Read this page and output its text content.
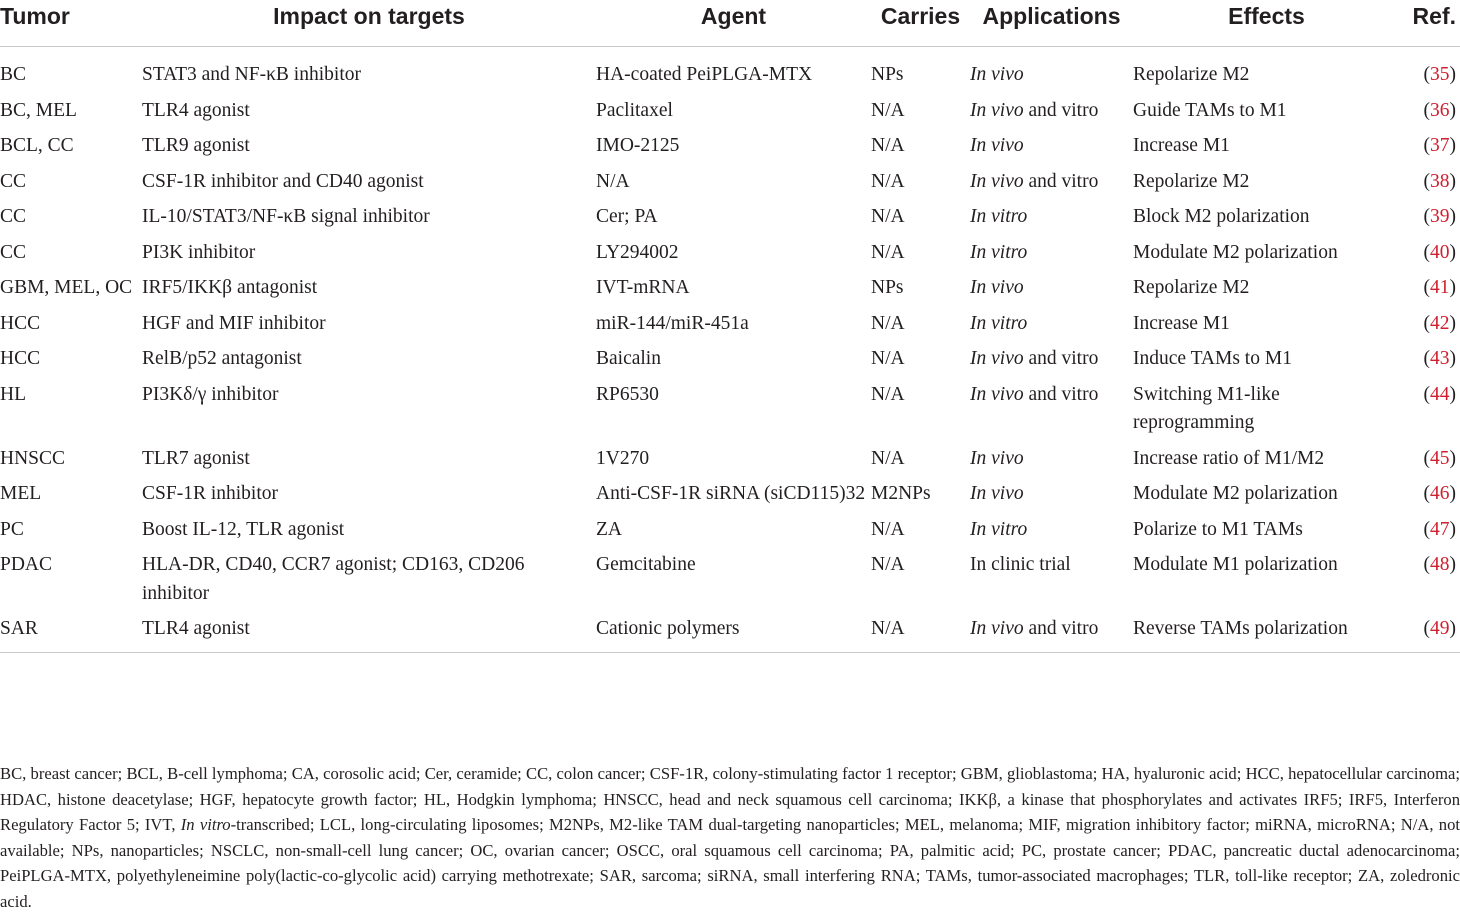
Tumor	Impact on targets	Agent	Carries	Applications	Effects	Ref.
BC	STAT3 and NF-κB inhibitor	HA-coated PeiPLGA-MTX	NPs	In vivo	Repolarize M2	(35)
BC, MEL	TLR4 agonist	Paclitaxel	N/A	In vivo and vitro	Guide TAMs to M1	(36)
BCL, CC	TLR9 agonist	IMO-2125	N/A	In vivo	Increase M1	(37)
CC	CSF-1R inhibitor and CD40 agonist	N/A	N/A	In vivo and vitro	Repolarize M2	(38)
CC	IL-10/STAT3/NF-κB signal inhibitor	Cer; PA	N/A	In vitro	Block M2 polarization	(39)
CC	PI3K inhibitor	LY294002	N/A	In vitro	Modulate M2 polarization	(40)
GBM, MEL, OC	IRF5/IKKβ antagonist	IVT-mRNA	NPs	In vivo	Repolarize M2	(41)
HCC	HGF and MIF inhibitor	miR-144/miR-451a	N/A	In vitro	Increase M1	(42)
HCC	RelB/p52 antagonist	Baicalin	N/A	In vivo and vitro	Induce TAMs to M1	(43)
HL	PI3Kδ/γ inhibitor	RP6530	N/A	In vivo and vitro	Switching M1-like reprogramming	(44)
HNSCC	TLR7 agonist	1V270	N/A	In vivo	Increase ratio of M1/M2	(45)
MEL	CSF-1R inhibitor	Anti-CSF-1R siRNA (siCD115)32	M2NPs	In vivo	Modulate M2 polarization	(46)
PC	Boost IL-12, TLR agonist	ZA	N/A	In vitro	Polarize to M1 TAMs	(47)
PDAC	HLA-DR, CD40, CCR7 agonist; CD163, CD206 inhibitor	Gemcitabine	N/A	In clinic trial	Modulate M1 polarization	(48)
SAR	TLR4 agonist	Cationic polymers	N/A	In vivo and vitro	Reverse TAMs polarization	(49)
BC, breast cancer; BCL, B-cell lymphoma; CA, corosolic acid; Cer, ceramide; CC, colon cancer; CSF-1R, colony-stimulating factor 1 receptor; GBM, glioblastoma; HA, hyaluronic acid; HCC, hepatocellular carcinoma; HDAC, histone deacetylase; HGF, hepatocyte growth factor; HL, Hodgkin lymphoma; HNSCC, head and neck squamous cell carcinoma; IKKβ, a kinase that phosphorylates and activates IRF5; IRF5, Interferon Regulatory Factor 5; IVT, In vitro-transcribed; LCL, long-circulating liposomes; M2NPs, M2-like TAM dual-targeting nanoparticles; MEL, melanoma; MIF, migration inhibitory factor; miRNA, microRNA; N/A, not available; NPs, nanoparticles; NSCLC, non-small-cell lung cancer; OC, ovarian cancer; OSCC, oral squamous cell carcinoma; PA, palmitic acid; PC, prostate cancer; PDAC, pancreatic ductal adenocarcinoma; PeiPLGA-MTX, polyethyleneimine poly(lactic-co-glycolic acid) carrying methotrexate; SAR, sarcoma; siRNA, small interfering RNA; TAMs, tumor-associated macrophages; TLR, toll-like receptor; ZA, zoledronic acid.
